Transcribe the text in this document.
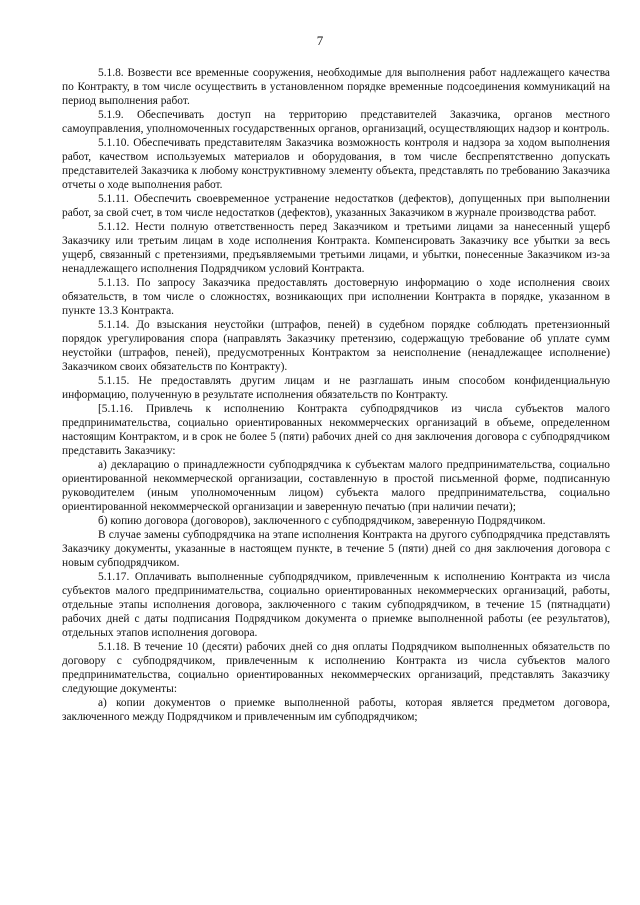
7

5.1.8. Возвести все временные сооружения, необходимые для выполнения работ надлежащего качества по Контракту, в том числе осуществить в установленном порядке временные подсоединения коммуникаций на период выполнения работ.

5.1.9. Обеспечивать доступ на территорию представителей Заказчика, органов местного самоуправления, уполномоченных государственных органов, организаций, осуществляющих надзор и контроль.

5.1.10. Обеспечивать представителям Заказчика возможность контроля и надзора за ходом выполнения работ, качеством используемых материалов и оборудования, в том числе беспрепятственно допускать представителей Заказчика к любому конструктивному элементу объекта, представлять по требованию Заказчика отчеты о ходе выполнения работ.

5.1.11. Обеспечить своевременное устранение недостатков (дефектов), допущенных при выполнении работ, за свой счет, в том числе недостатков (дефектов), указанных Заказчиком в журнале производства работ.

5.1.12. Нести полную ответственность перед Заказчиком и третьими лицами за нанесенный ущерб Заказчику или третьим лицам в ходе исполнения Контракта. Компенсировать Заказчику все убытки за весь ущерб, связанный с претензиями, предъявляемыми третьими лицами, и убытки, понесенные Заказчиком из-за ненадлежащего исполнения Подрядчиком условий Контракта.

5.1.13. По запросу Заказчика предоставлять достоверную информацию о ходе исполнения своих обязательств, в том числе о сложностях, возникающих при исполнении Контракта в порядке, указанном в пункте 13.3 Контракта.

5.1.14. До взыскания неустойки (штрафов, пеней) в судебном порядке соблюдать претензионный порядок урегулирования спора (направлять Заказчику претензию, содержащую требование об уплате сумм неустойки (штрафов, пеней), предусмотренных Контрактом за неисполнение (ненадлежащее исполнение) Заказчиком своих обязательств по Контракту).

5.1.15. Не предоставлять другим лицам и не разглашать иным способом конфиденциальную информацию, полученную в результате исполнения обязательств по Контракту.

[5.1.16. Привлечь к исполнению Контракта субподрядчиков из числа субъектов малого предпринимательства, социально ориентированных некоммерческих организаций в объеме, определенном настоящим Контрактом, и в срок не более 5 (пяти) рабочих дней со дня заключения договора с субподрядчиком представить Заказчику:

а) декларацию о принадлежности субподрядчика к субъектам малого предпринимательства, социально ориентированной некоммерческой организации, составленную в простой письменной форме, подписанную руководителем (иным уполномоченным лицом) субъекта малого предпринимательства, социально ориентированной некоммерческой организации и заверенную печатью (при наличии печати);

б) копию договора (договоров), заключенного с субподрядчиком, заверенную Подрядчиком.

В случае замены субподрядчика на этапе исполнения Контракта на другого субподрядчика представлять Заказчику документы, указанные в настоящем пункте, в течение 5 (пяти) дней со дня заключения договора с новым субподрядчиком.

5.1.17. Оплачивать выполненные субподрядчиком, привлеченным к исполнению Контракта из числа субъектов малого предпринимательства, социально ориентированных некоммерческих организаций, работы, отдельные этапы исполнения договора, заключенного с таким субподрядчиком, в течение 15 (пятнадцати) рабочих дней с даты подписания Подрядчиком документа о приемке выполненной работы (ее результатов), отдельных этапов исполнения договора.

5.1.18. В течение 10 (десяти) рабочих дней со дня оплаты Подрядчиком выполненных обязательств по договору с субподрядчиком, привлеченным к исполнению Контракта из числа субъектов малого предпринимательства, социально ориентированных некоммерческих организаций, представлять Заказчику следующие документы:

а) копии документов о приемке выполненной работы, которая является предметом договора, заключенного между Подрядчиком и привлеченным им субподрядчиком;
